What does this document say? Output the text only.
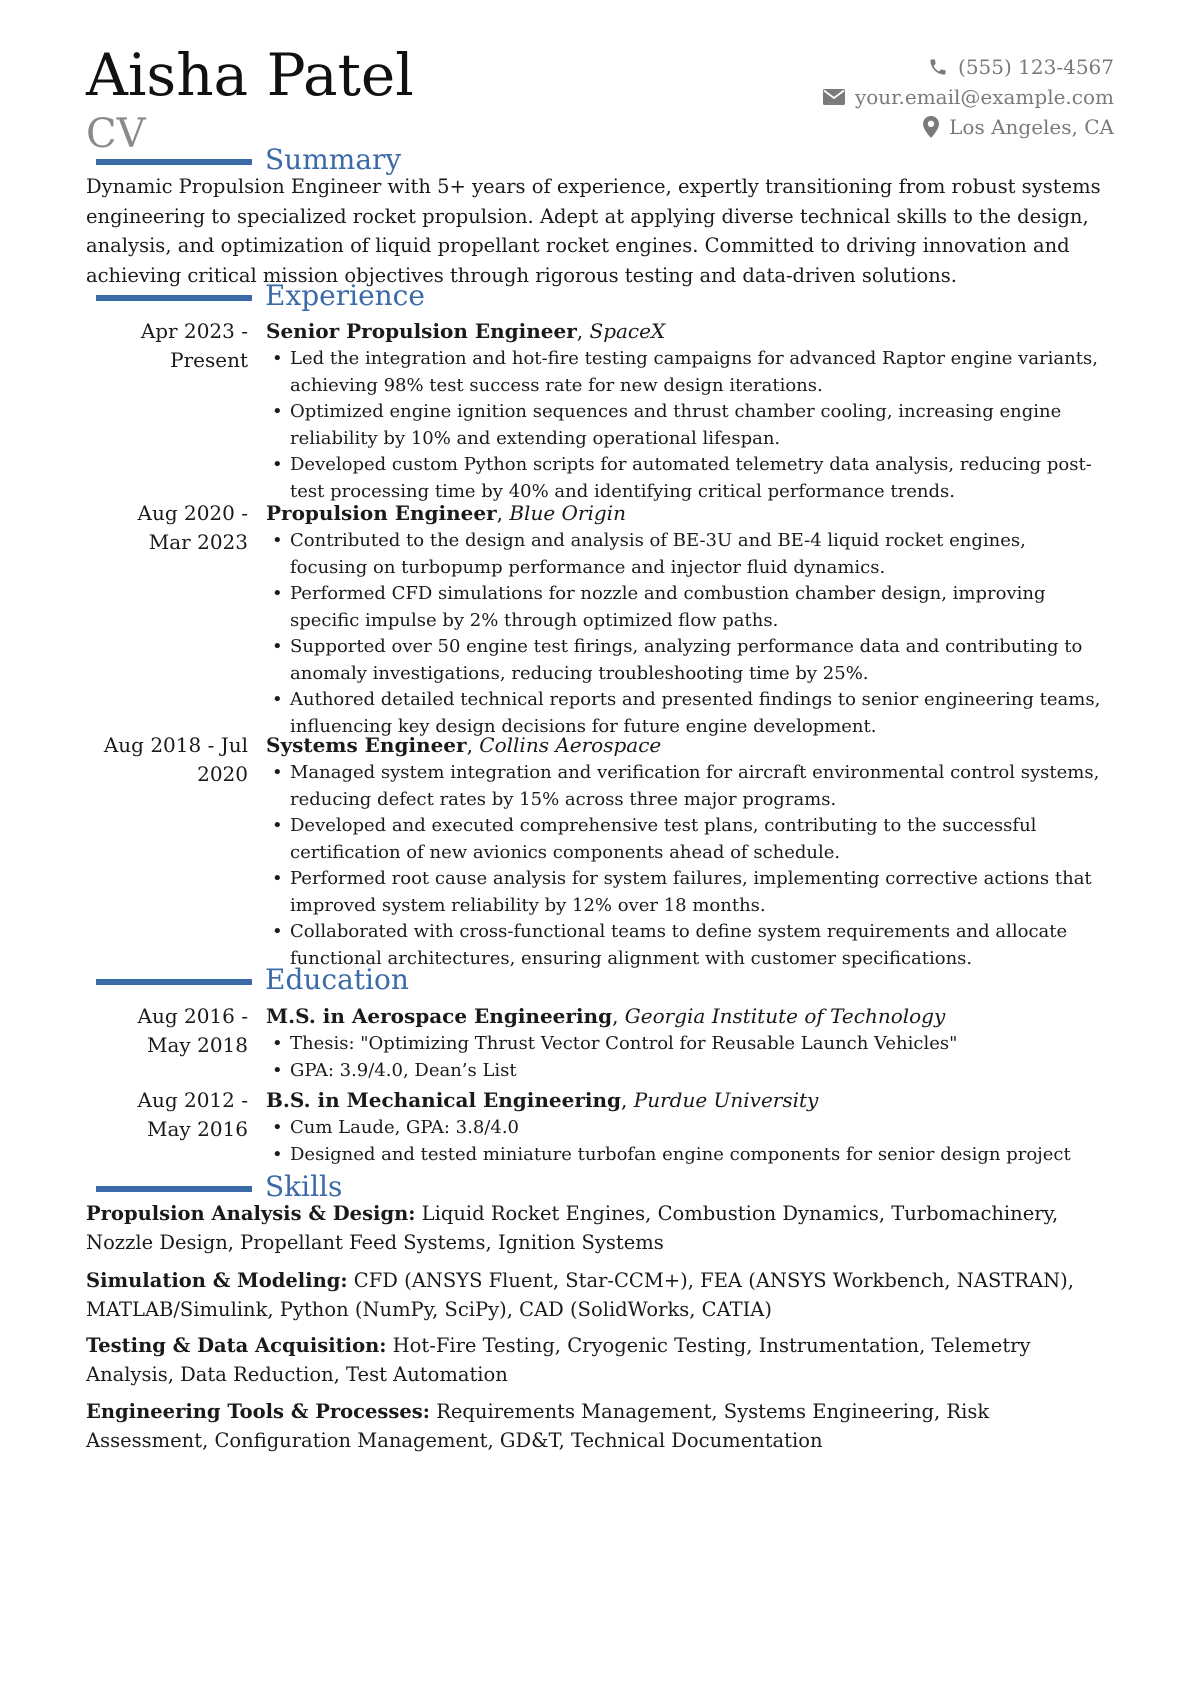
Aisha Patel
CV
(555) 123-4567
your.email@example.com
Los Angeles, CA
Summary
Dynamic Propulsion Engineer with 5+ years of experience, expertly transitioning from robust systems engineering to specialized rocket propulsion. Adept at applying diverse technical skills to the design, analysis, and optimization of liquid propellant rocket engines. Committed to driving innovation and achieving critical mission objectives through rigorous testing and data-driven solutions.
Experience
Apr 2023 -
Present
Senior Propulsion Engineer, SpaceX
• Led the integration and hot-fire testing campaigns for advanced Raptor engine variants, achieving 98% test success rate for new design iterations.
• Optimized engine ignition sequences and thrust chamber cooling, increasing engine reliability by 10% and extending operational lifespan.
• Developed custom Python scripts for automated telemetry data analysis, reducing post-test processing time by 40% and identifying critical performance trends.
Aug 2020 -
Mar 2023
Propulsion Engineer, Blue Origin
• Contributed to the design and analysis of BE-3U and BE-4 liquid rocket engines, focusing on turbopump performance and injector fluid dynamics.
• Performed CFD simulations for nozzle and combustion chamber design, improving specific impulse by 2% through optimized flow paths.
• Supported over 50 engine test firings, analyzing performance data and contributing to anomaly investigations, reducing troubleshooting time by 25%.
• Authored detailed technical reports and presented findings to senior engineering teams, influencing key design decisions for future engine development.
Aug 2018 - Jul
2020
Systems Engineer, Collins Aerospace
• Managed system integration and verification for aircraft environmental control systems, reducing defect rates by 15% across three major programs.
• Developed and executed comprehensive test plans, contributing to the successful certification of new avionics components ahead of schedule.
• Performed root cause analysis for system failures, implementing corrective actions that improved system reliability by 12% over 18 months.
• Collaborated with cross-functional teams to define system requirements and allocate functional architectures, ensuring alignment with customer specifications.
Education
Aug 2016 -
May 2018
M.S. in Aerospace Engineering, Georgia Institute of Technology
• Thesis: "Optimizing Thrust Vector Control for Reusable Launch Vehicles"
• GPA: 3.9/4.0, Dean’s List
Aug 2012 -
May 2016
B.S. in Mechanical Engineering, Purdue University
• Cum Laude, GPA: 3.8/4.0
• Designed and tested miniature turbofan engine components for senior design project
Skills
Propulsion Analysis & Design: Liquid Rocket Engines, Combustion Dynamics, Turbomachinery, Nozzle Design, Propellant Feed Systems, Ignition Systems
Simulation & Modeling: CFD (ANSYS Fluent, Star-CCM+), FEA (ANSYS Workbench, NASTRAN), MATLAB/Simulink, Python (NumPy, SciPy), CAD (SolidWorks, CATIA)
Testing & Data Acquisition: Hot-Fire Testing, Cryogenic Testing, Instrumentation, Telemetry Analysis, Data Reduction, Test Automation
Engineering Tools & Processes: Requirements Management, Systems Engineering, Risk Assessment, Configuration Management, GD&T, Technical Documentation
